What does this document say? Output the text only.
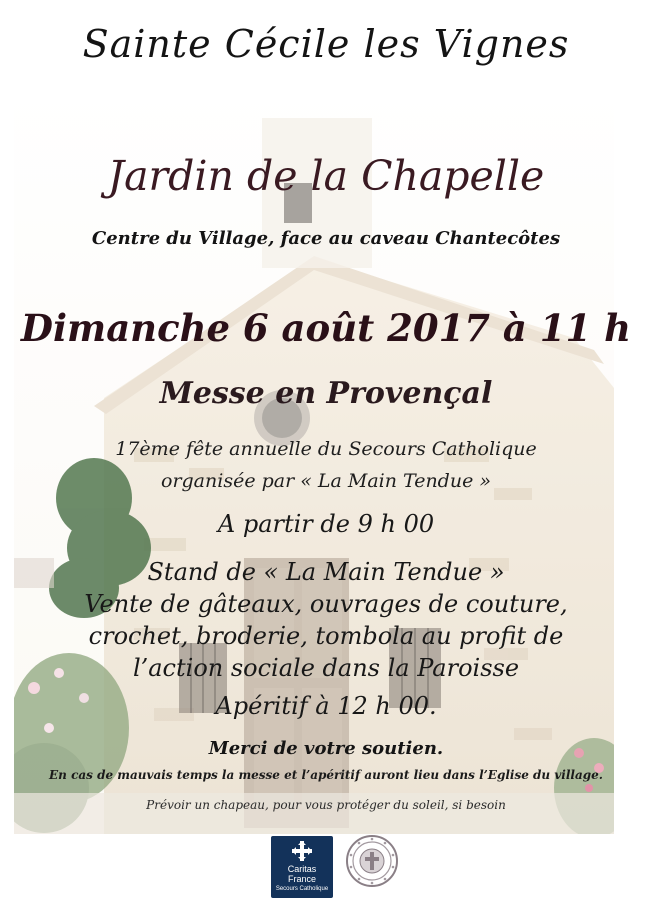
Sainte Cécile les Vignes
Jardin de la Chapelle
Centre du Village, face au caveau Chantecôtes
Dimanche 6 août 2017 à 11 h
Messe en Provençal
17ème fête annuelle du Secours Catholique
organisée par « La Main Tendue »
A partir de 9 h 00
Stand de « La Main Tendue »
Vente de gâteaux, ouvrages de couture,
crochet, broderie, tombola au profit de
l’action sociale dans la Paroisse
Apéritif à 12 h 00.
Merci de votre soutien.
En cas de mauvais temps la messe et l’apéritif auront lieu dans l’Eglise du village.
Prévoir un chapeau, pour vous protéger du soleil, si besoin
Caritas
France
Secours Catholique
